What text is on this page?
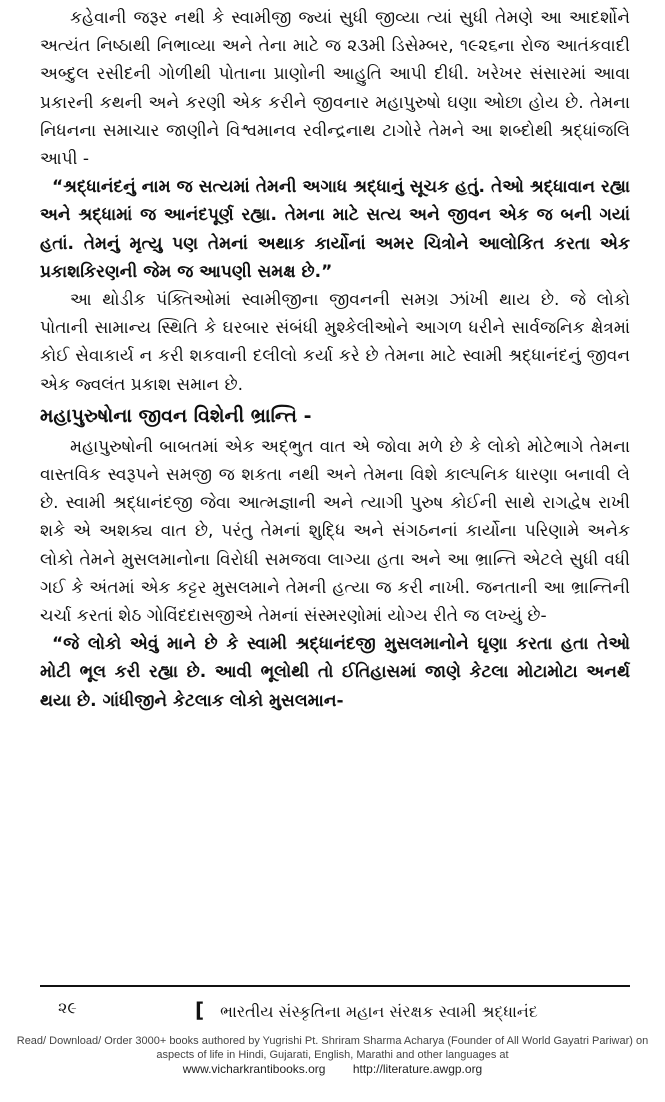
કહેવાની જરૂર નથી કે સ્વામીજી જ્યાં સુધી જીવ્યા ત્યાં સુધી તેમણે આ આદર્શોને અત્યંત નિષ્ઠાથી નિભાવ્યા અને તેના માટે જ ૨૩મી ડિસેમ્બર, ૧૯૨૬ના રોજ આતંકવાદી અબ્દુલ રસીદની ગોળીથી પોતાના પ્રાણોની આહુતિ આપી દીધી. ખરેખર સંસારમાં આવા પ્રકારની કથની અને કરણી એક કરીને જીવનાર મહાપુરુષો ઘણા ઓછા હોય છે. તેમના નિધનના સમાચાર જાણીને વિશ્વમાનવ રવીન્દ્રનાથ ટાગોરે તેમને આ શબ્દોથી શ્રદ્ધાંજલિ આપી -

“શ્રદ્ધાનંદનું નામ જ સત્યમાં તેમની અગાધ શ્રદ્ધાનું સૂચક હતું. તેઓ શ્રદ્ધાવાન રહ્યા અને શ્રદ્ધામાં જ આનંદપૂર્ણ રહ્યા. તેમના માટે સત્ય અને જીવન એક જ બની ગયાં હતાં. તેમનું મૃત્યુ પણ તેમનાં અથાક કાર્યોનાં અમર ચિત્રોને આલોકિત કરતા એક પ્રકાશકિરણની જેમ જ આપણી સમક્ષ છે.”

આ થોડીક પંક્તિઓમાં સ્વામીજીના જીવનની સમગ્ર ઝાંખી થાય છે. જે લોકો પોતાની સામાન્ય સ્થિતિ કે ઘરબાર સંબંધી મુશ્કેલીઓને આગળ ધરીને સાર્વજનિક ક્ષેત્રમાં કોઈ સેવાકાર્ય ન કરી શકવાની દલીલો કર્યા કરે છે તેમના માટે સ્વામી શ્રદ્ધાનંદનું જીવન એક જ્વલંત પ્રકાશ સમાન છે.

મહાપુરુષોના જીવન વિશેની ભ્રાન્તિ -

મહાપુરુષોની બાબતમાં એક અદ્‌ભુત વાત એ જોવા મળે છે કે લોકો મોટેભાગે તેમના વાસ્તવિક સ્વરૂપને સમજી જ શકતા નથી અને તેમના વિશે કાલ્પનિક ધારણા બનાવી લે છે. સ્વામી શ્રદ્ધાનંદજી જેવા આત્મજ્ઞાની અને ત્યાગી પુરુષ કોઈની સાથે રાગદ્વેષ રાખી શકે એ અશક્ય વાત છે, પરંતુ તેમનાં શુદ્ધિ અને સંગઠનનાં કાર્યોના પરિણામે અનેક લોકો તેમને મુસલમાનોના વિરોધી સમજવા લાગ્યા હતા અને આ ભ્રાન્તિ એટલે સુધી વધી ગઈ કે અંતમાં એક કટ્ટર મુસલમાને તેમની હત્યા જ કરી નાખી. જનતાની આ ભ્રાન્તિની ચર્ચા કરતાં શેઠ ગોવિંદદાસજીએ તેમનાં સંસ્મરણોમાં યોગ્ય રીતે જ લખ્યું છે-

“જે લોકો એવું માને છે કે સ્વામી શ્રદ્ધાનંદજી મુસલમાનોને ઘૃણા કરતા હતા તેઓ મોટી ભૂલ કરી રહ્યા છે. આવી ભૂલોથી તો ઈતિહાસમાં જાણે કેટલા મોટામોટા અનર્થ થયા છે. ગાંધીજીને કેટલાક લોકો મુસલમાન-

૨૯	[ ભારતીય સંસ્કૃતિના મહાન સંરક્ષક સ્વામી શ્રદ્ધાનંદ
Read/ Download/ Order 3000+ books authored by Yugrishi Pt. Shriram Sharma Acharya (Founder of All World Gayatri Pariwar) on aspects of life in Hindi, Gujarati, English, Marathi and other languages at
www.vicharkrantibooks.org http://literature.awgp.org
